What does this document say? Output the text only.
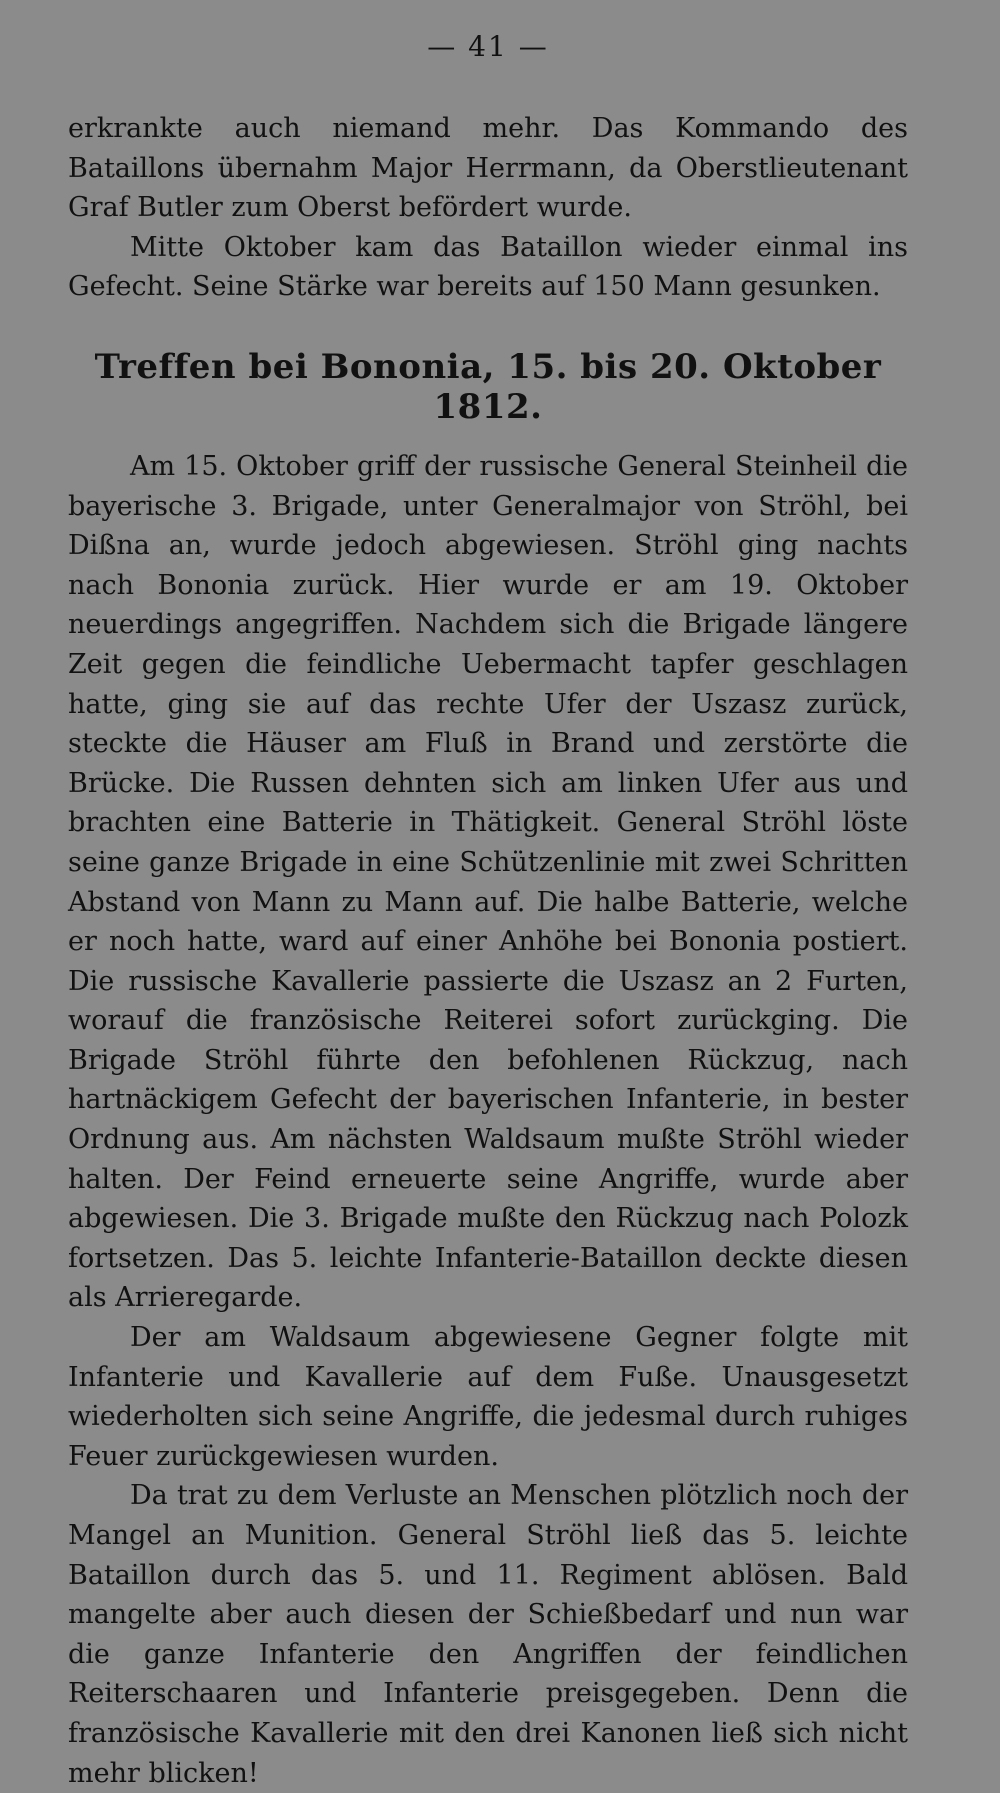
— 41 —

erkrankte auch niemand mehr. Das Kommando des Bataillons übernahm Major Herrmann, da Oberstlieutenant Graf Butler zum Oberst befördert wurde.

Mitte Oktober kam das Bataillon wieder einmal ins Gefecht. Seine Stärke war bereits auf 150 Mann gesunken.

Treffen bei Bononia, 15. bis 20. Oktober 1812.

Am 15. Oktober griff der russische General Steinheil die bayerische 3. Brigade, unter Generalmajor von Ströhl, bei Dißna an, wurde jedoch abgewiesen. Ströhl ging nachts nach Bononia zurück. Hier wurde er am 19. Oktober neuerdings angegriffen. Nachdem sich die Brigade längere Zeit gegen die feindliche Uebermacht tapfer geschlagen hatte, ging sie auf das rechte Ufer der Uszasz zurück, steckte die Häuser am Fluß in Brand und zerstörte die Brücke. Die Russen dehnten sich am linken Ufer aus und brachten eine Batterie in Thätigkeit. General Ströhl löste seine ganze Brigade in eine Schützenlinie mit zwei Schritten Abstand von Mann zu Mann auf. Die halbe Batterie, welche er noch hatte, ward auf einer Anhöhe bei Bononia postiert. Die russische Kavallerie passierte die Uszasz an 2 Furten, worauf die französische Reiterei sofort zurückging. Die Brigade Ströhl führte den befohlenen Rückzug, nach hartnäckigem Gefecht der bayerischen Infanterie, in bester Ordnung aus. Am nächsten Waldsaum mußte Ströhl wieder halten. Der Feind erneuerte seine Angriffe, wurde aber abgewiesen. Die 3. Brigade mußte den Rückzug nach Polozk fortsetzen. Das 5. leichte Infanterie-Bataillon deckte diesen als Arrieregarde.

Der am Waldsaum abgewiesene Gegner folgte mit Infanterie und Kavallerie auf dem Fuße. Unausgesetzt wiederholten sich seine Angriffe, die jedesmal durch ruhiges Feuer zurückgewiesen wurden.

Da trat zu dem Verluste an Menschen plötzlich noch der Mangel an Munition. General Ströhl ließ das 5. leichte Bataillon durch das 5. und 11. Regiment ablösen. Bald mangelte aber auch diesen der Schießbedarf und nun war die ganze Infanterie den Angriffen der feindlichen Reiterschaaren und Infanterie preisgegeben. Denn die französische Kavallerie mit den drei Kanonen ließ sich nicht mehr blicken!
